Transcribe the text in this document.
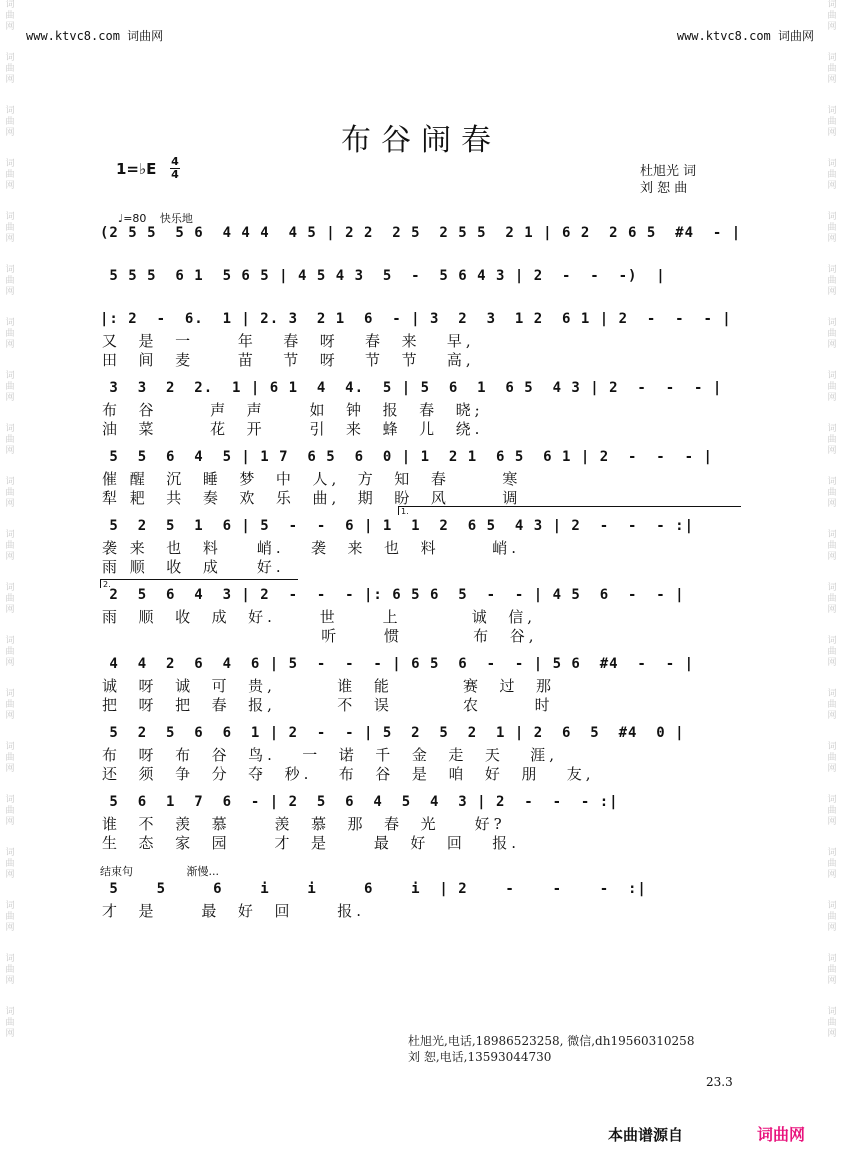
www.ktvc8.com 词曲网	www.ktvc8.com 词曲网
词
曲
网
词
曲
网
词
曲
网
词
曲
网
词
曲
网
词
曲
网
词
曲
网
词
曲
网
词
曲
网
词
曲
网
词
曲
网
词
曲
网
词
曲
网
词
曲
网
词
曲
网
词
曲
网
词
曲
网
词
曲
网
词
曲
网
词
曲
网
词
曲
网
词
曲
网
词
曲
网
词
曲
网
词
曲
网
词
曲
网
词
曲
网
词
曲
网
词
曲
网
词
曲
网
词
曲
网
词
曲
网
词
曲
网
词
曲
网
词
曲
网
词
曲
网
词
曲
网
词
曲
网
词
曲
网
词
曲
网
布谷闹春
1=♭E 4
4	杜旭光 词
刘 恕 曲
♩=80 快乐地
(2 5 5  5 6  4 4 4  4 5 | 2 2  2 5  2 5 5  2 1 | 6 2  2 6 5  #4  - |
5 5 5  6 1  5 6 5 | 4 5 4 3  5  -  5 6 4 3 | 2  -  -  -)  |
|: 2  -  6.  1 | 2. 3  2 1  6  - | 3  2  3  1 2  6 1 | 2  -  -  - |
又  是  一     年   春  呀   春  来   早,
田  间  麦     苗   节  呀   节  节   高,
3  3  2  2.  1 | 6 1  4  4.  5 | 5  6  1  6 5  4 3 | 2  -  -  - |
布  谷      声  声     如  钟  报  春  晓;
油  菜      花  开     引  来  蜂  儿  绕.
5  5  6  4  5 | 1 7  6 5  6  0 | 1  2 1  6 5  6 1 | 2  -  -  - |
催 醒  沉  睡  梦  中  人,  方  知  春      寒
犁 耙  共  奏  欢  乐  曲,  期  盼  风      调
1.
5  2  5  1  6 | 5  -  -  6 | 1  1  2  6 5  4 3 | 2  -  -  - :|
袭 来  也  料    峭.   袭  来  也  料      峭.
雨 顺  收  成    好.
2.
2  5  6  4  3 | 2  -  -  - |: 6 5 6  5  -  - | 4 5  6  -  - |
雨  顺  收  成  好.     世     上        诚  信,
听     惯        布  谷,
4  4  2  6  4  6 | 5  -  -  - | 6 5  6  -  - | 5 6  #4  -  - |
诚  呀  诚  可  贵,       谁  能        赛  过  那
把  呀  把  春  报,       不  误        农      时
5  2  5  6  6  1 | 2  -  - | 5  2  5  2  1 | 2  6  5  #4  0 |
布  呀  布  谷  鸟.   一  诺  千  金  走  天   涯,
还  须  争  分  夺  秒.   布  谷  是  咱  好  朋   友,
5  6  1  7  6  - | 2  5  6  4  5  4  3 | 2  -  -  - :|
谁  不  羡  慕     羡  慕  那  春  光    好?
生  态  家  园     才  是     最  好  回   报.
结束句	渐慢...
5    5     6    i    i     6    i  | 2    -    -    -  :|
才  是     最  好  回     报.
杜旭光,电话,18986523258, 微信,dh19560310258
刘 恕,电话,13593044730
23.3
本曲谱源自	词曲网
